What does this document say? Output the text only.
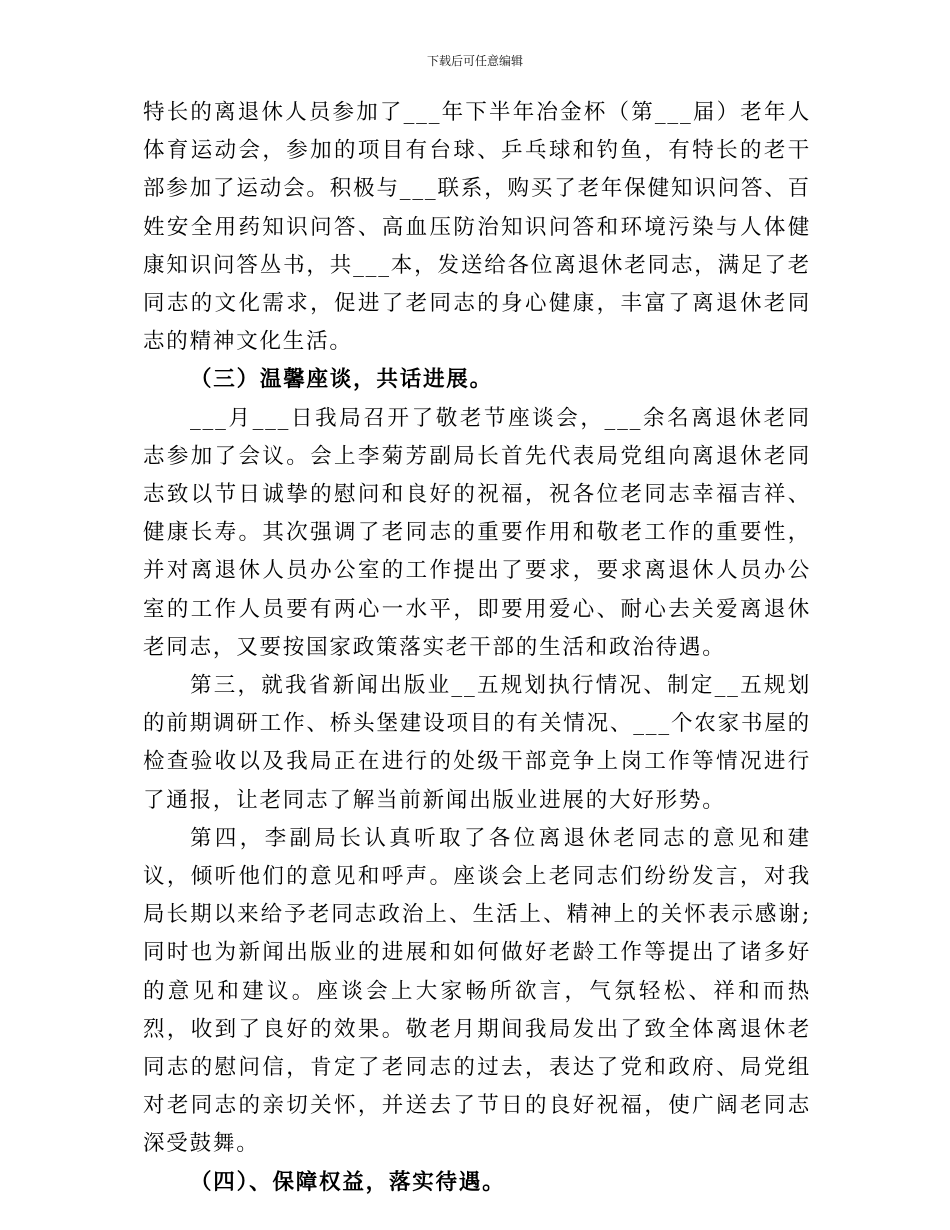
下载后可任意编辑

特长的离退休人员参加了___年下半年冶金杯（第___届）老年人体育运动会，参加的项目有台球、乒乓球和钓鱼，有特长的老干部参加了运动会。积极与___联系，购买了老年保健知识问答、百姓安全用药知识问答、高血压防治知识问答和环境污染与人体健康知识问答丛书，共___本，发送给各位离退休老同志，满足了老同志的文化需求，促进了老同志的身心健康，丰富了离退休老同志的精神文化生活。

（三）温馨座谈，共话进展。

___月___日我局召开了敬老节座谈会，___余名离退休老同志参加了会议。会上李菊芳副局长首先代表局党组向离退休老同志致以节日诚挚的慰问和良好的祝福，祝各位老同志幸福吉祥、健康长寿。其次强调了老同志的重要作用和敬老工作的重要性，并对离退休人员办公室的工作提出了要求，要求离退休人员办公室的工作人员要有两心一水平，即要用爱心、耐心去关爱离退休老同志，又要按国家政策落实老干部的生活和政治待遇。

第三，就我省新闻出版业__五规划执行情况、制定__五规划的前期调研工作、桥头堡建设项目的有关情况、___个农家书屋的检查验收以及我局正在进行的处级干部竞争上岗工作等情况进行了通报，让老同志了解当前新闻出版业进展的大好形势。

第四，李副局长认真听取了各位离退休老同志的意见和建议，倾听他们的意见和呼声。座谈会上老同志们纷纷发言，对我局长期以来给予老同志政治上、生活上、精神上的关怀表示感谢;同时也为新闻出版业的进展和如何做好老龄工作等提出了诸多好的意见和建议。座谈会上大家畅所欲言，气氛轻松、祥和而热烈，收到了良好的效果。敬老月期间我局发出了致全体离退休老同志的慰问信，肯定了老同志的过去，表达了党和政府、局党组对老同志的亲切关怀，并送去了节日的良好祝福，使广阔老同志深受鼓舞。

（四）、保障权益，落实待遇。
